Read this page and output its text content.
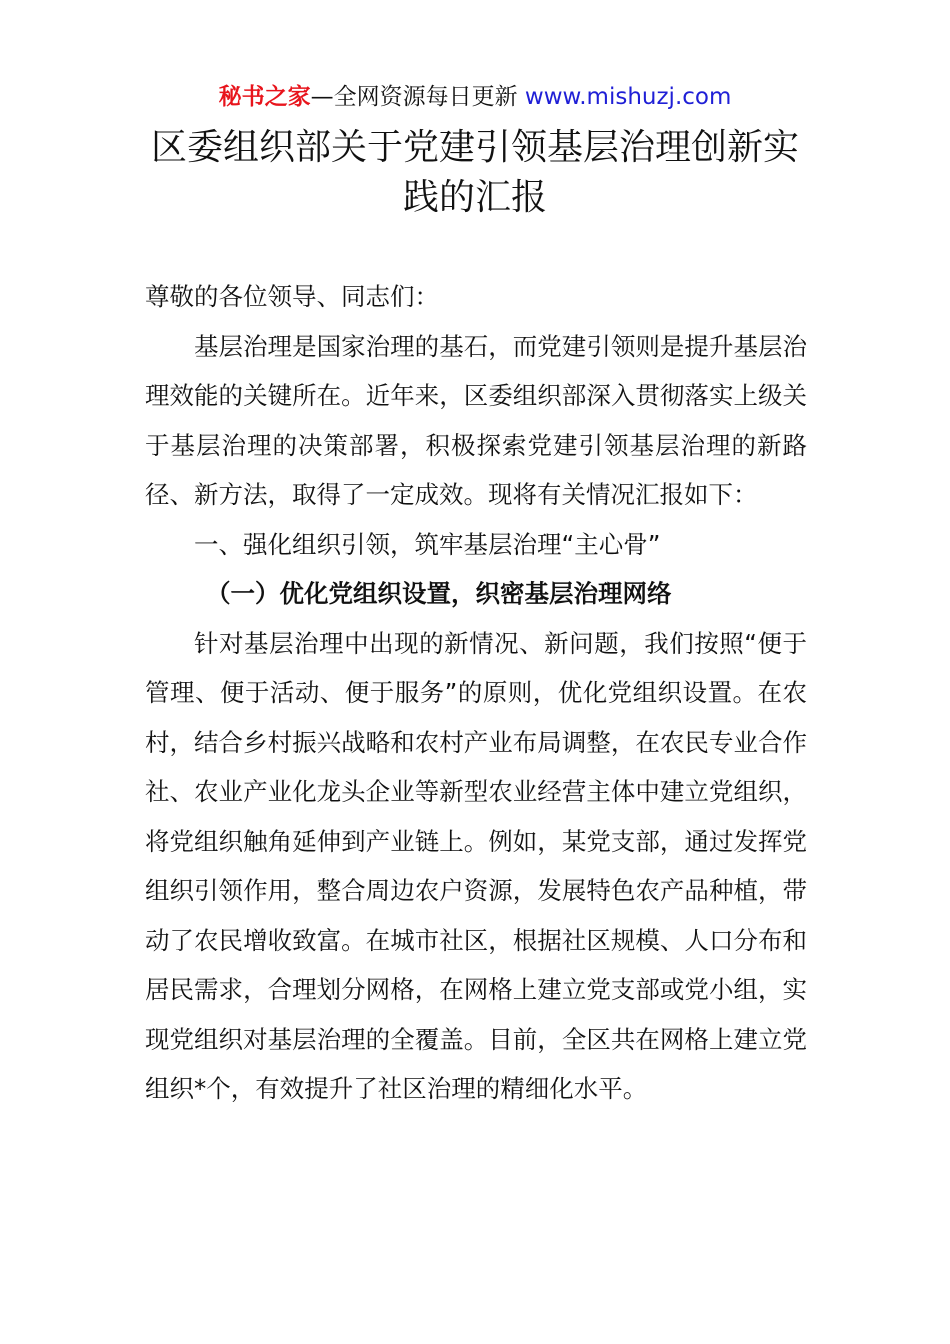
秘书之家—全网资源每日更新 www.mishuzj.com
区委组织部关于党建引领基层治理创新实
践的汇报

尊敬的各位领导、同志们：

基层治理是国家治理的基石，而党建引领则是提升基层治理效能的关键所在。近年来，区委组织部深入贯彻落实上级关于基层治理的决策部署，积极探索党建引领基层治理的新路径、新方法，取得了一定成效。现将有关情况汇报如下：

一、强化组织引领，筑牢基层治理“主心骨”

（一）优化党组织设置，织密基层治理网络

针对基层治理中出现的新情况、新问题，我们按照“便于管理、便于活动、便于服务”的原则，优化党组织设置。在农村，结合乡村振兴战略和农村产业布局调整，在农民专业合作社、农业产业化龙头企业等新型农业经营主体中建立党组织，将党组织触角延伸到产业链上。例如，某党支部，通过发挥党组织引领作用，整合周边农户资源，发展特色农产品种植，带动了农民增收致富。在城市社区，根据社区规模、人口分布和居民需求，合理划分网格，在网格上建立党支部或党小组，实现党组织对基层治理的全覆盖。目前，全区共在网格上建立党组织*个，有效提升了社区治理的精细化水平。
